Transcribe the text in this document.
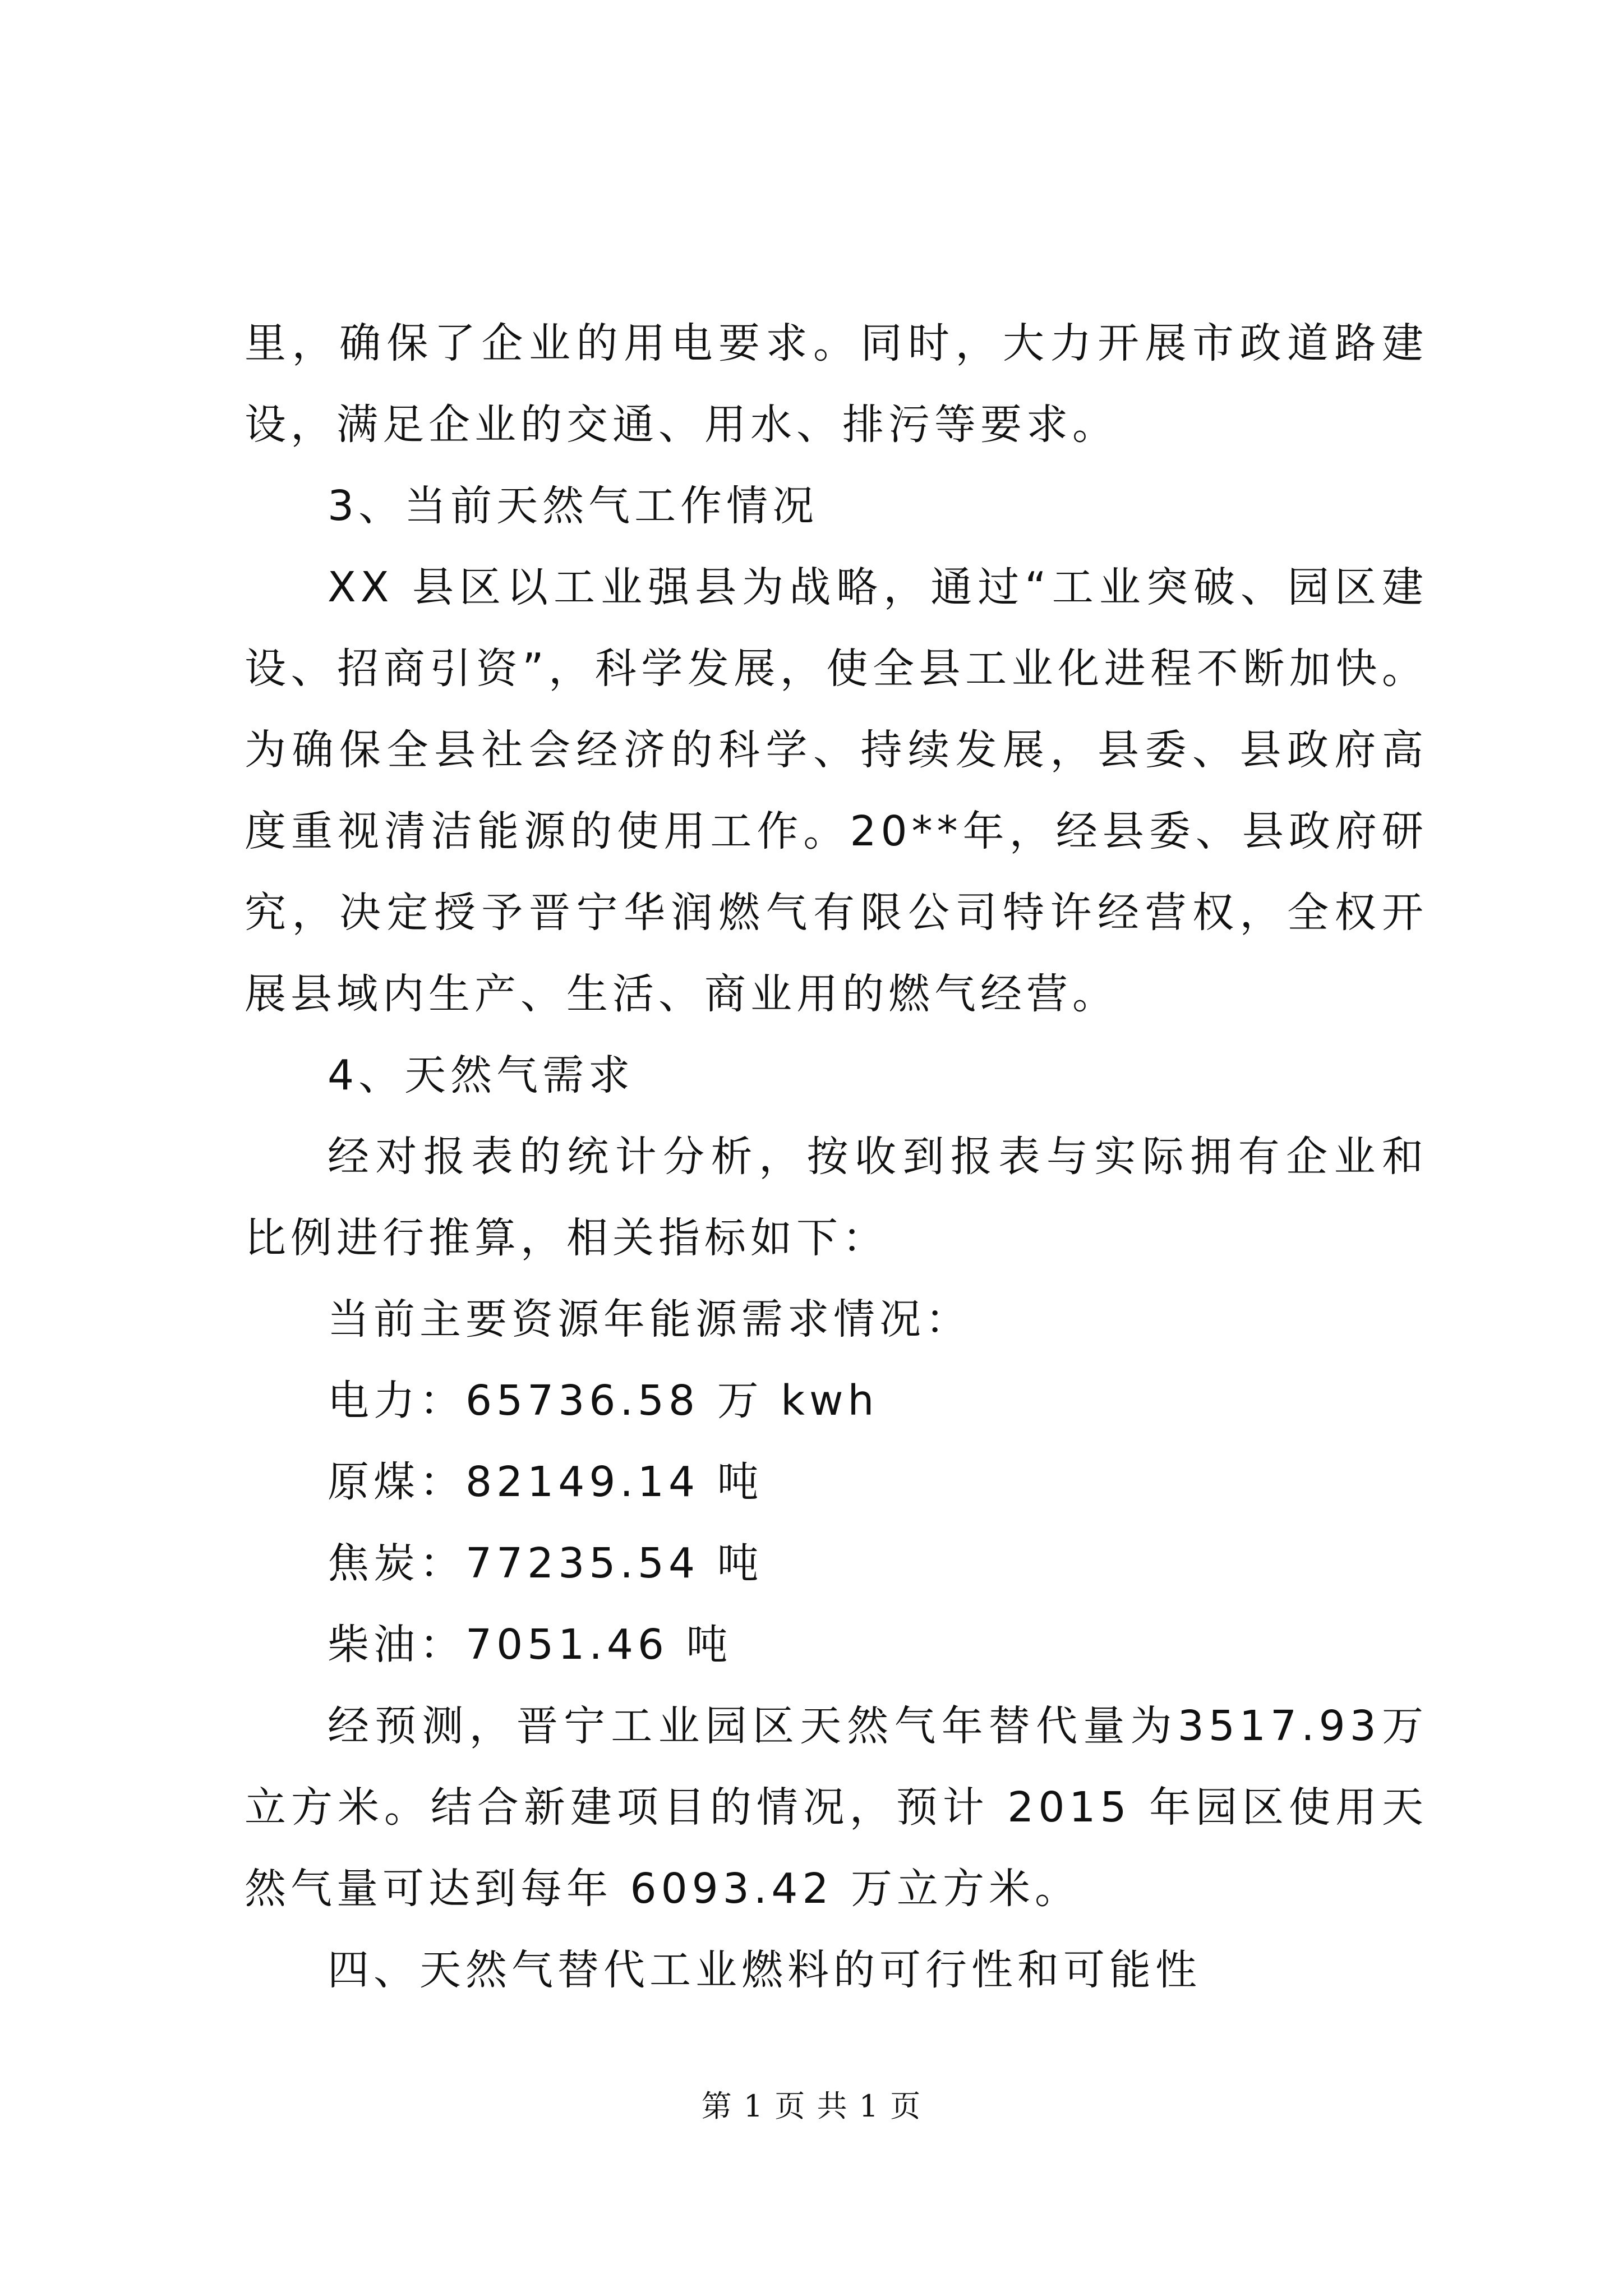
里，确保了企业的用电要求。同时，大力开展市政道路建设，满足企业的交通、用水、排污等要求。

3、当前天然气工作情况

XX 县区以工业强县为战略，通过“工业突破、园区建设、招商引资”，科学发展，使全县工业化进程不断加快。为确保全县社会经济的科学、持续发展，县委、县政府高度重视清洁能源的使用工作。20**年，经县委、县政府研究，决定授予晋宁华润燃气有限公司特许经营权，全权开展县域内生产、生活、商业用的燃气经营。

4、天然气需求

经对报表的统计分析，按收到报表与实际拥有企业和比例进行推算，相关指标如下：

当前主要资源年能源需求情况：

电力：65736.58 万 kwh

原煤：82149.14 吨

焦炭：77235.54 吨

柴油：7051.46 吨

经预测，晋宁工业园区天然气年替代量为3517.93万立方米。结合新建项目的情况，预计 2015 年园区使用天然气量可达到每年 6093.42 万立方米。

四、天然气替代工业燃料的可行性和可能性

第 1 页 共 1 页
